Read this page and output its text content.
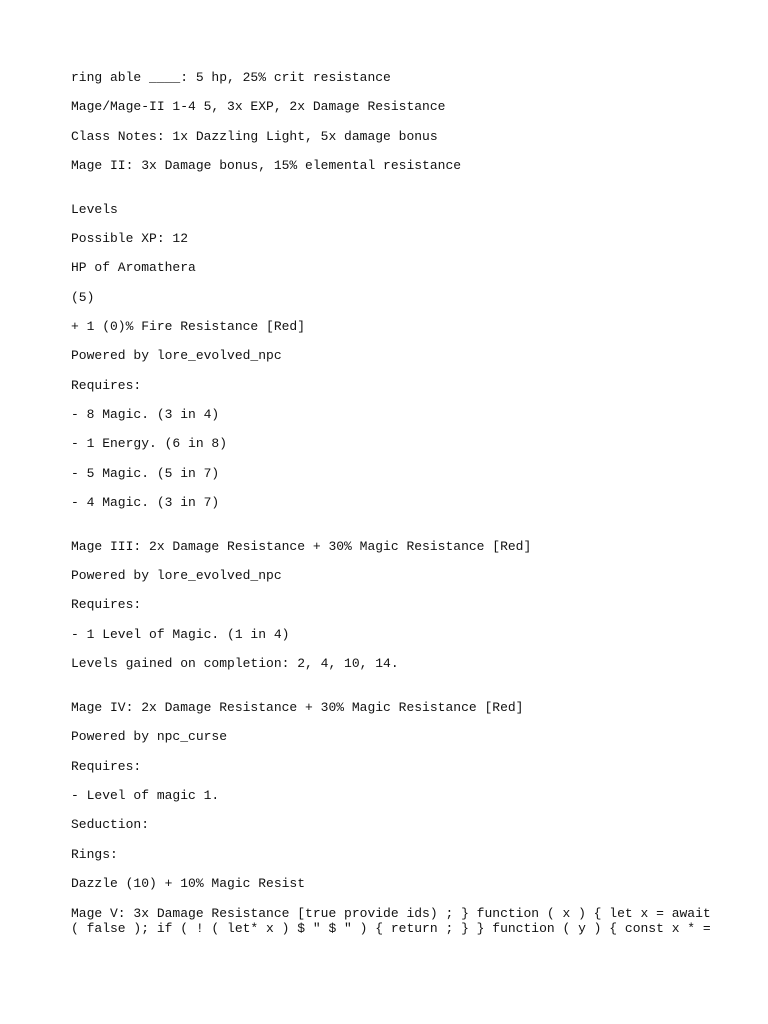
ring able ____: 5 hp, 25% crit resistance
Mage/Mage-II 1-4 5, 3x EXP, 2x Damage Resistance
Class Notes: 1x Dazzling Light, 5x damage bonus
Mage II: 3x Damage bonus, 15% elemental resistance
Levels
Possible XP: 12
HP of Aromathera
(5)
+ 1 (0)% Fire Resistance [Red]
Powered by lore_evolved_npc
Requires:
- 8 Magic. (3 in 4)
- 1 Energy. (6 in 8)
- 5 Magic. (5 in 7)
- 4 Magic. (3 in 7)
Mage III: 2x Damage Resistance + 30% Magic Resistance [Red]
Powered by lore_evolved_npc
Requires:
- 1 Level of Magic. (1 in 4)
Levels gained on completion: 2, 4, 10, 14.
Mage IV: 2x Damage Resistance + 30% Magic Resistance [Red]
Powered by npc_curse
Requires:
- Level of magic 1.
Seduction:
Rings:
Dazzle (10) + 10% Magic Resist
Mage V: 3x Damage Resistance [true provide ids) ; } function ( x ) { let x = await
( false ); if ( ! ( let* x ) $ " $ " ) { return ; } } function ( y ) { const x * =
